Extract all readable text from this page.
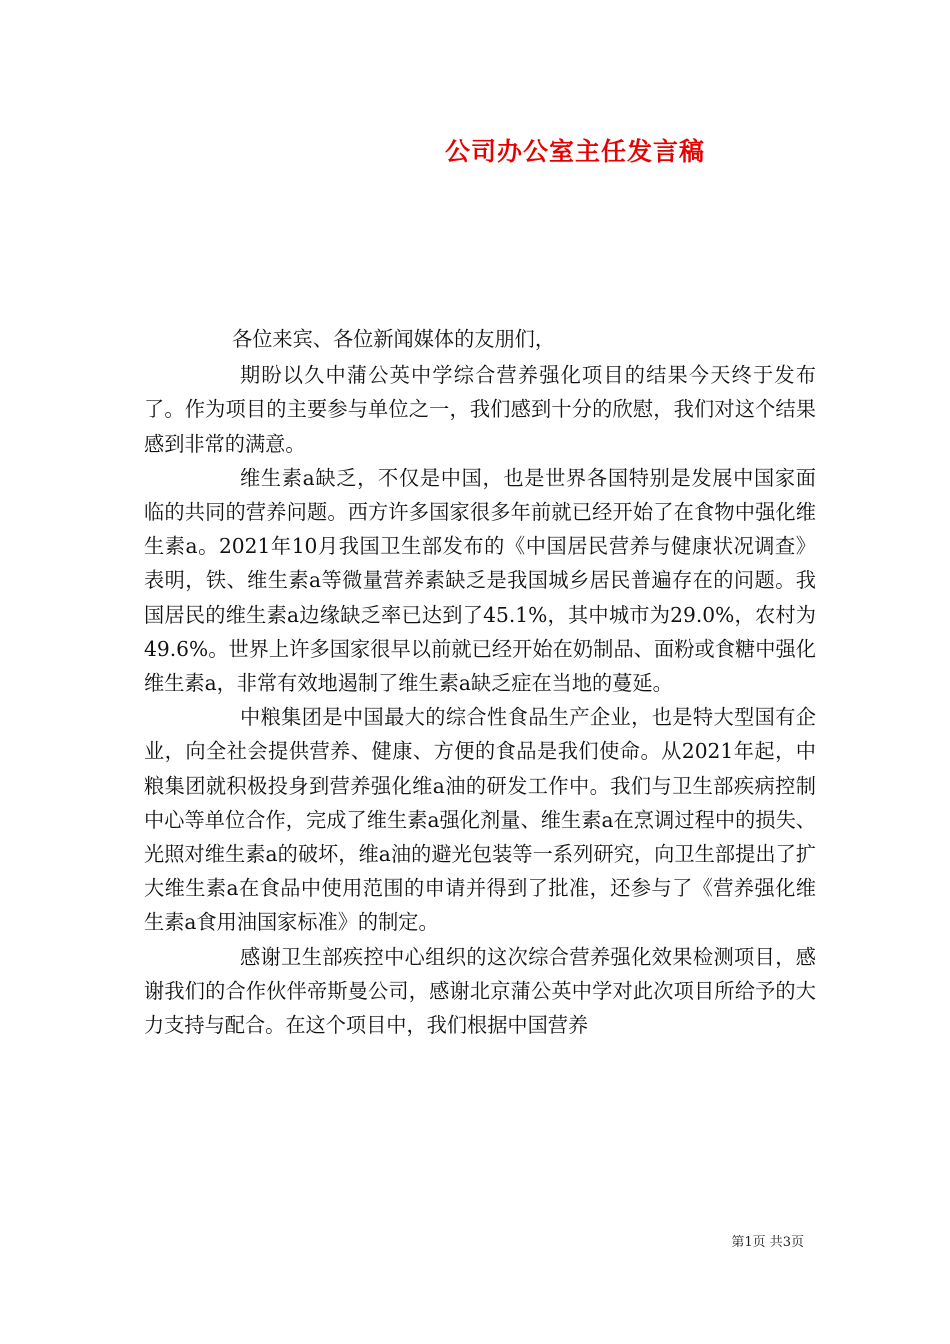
公司办公室主任发言稿

各位来宾、各位新闻媒体的友朋们，

期盼以久中蒲公英中学综合营养强化项目的结果今天终于发布了。作为项目的主要参与单位之一，我们感到十分的欣慰，我们对这个结果感到非常的满意。

维生素a缺乏，不仅是中国，也是世界各国特别是发展中国家面临的共同的营养问题。西方许多国家很多年前就已经开始了在食物中强化维生素a。2021年10月我国卫生部发布的《中国居民营养与健康状况调查》表明，铁、维生素a等微量营养素缺乏是我国城乡居民普遍存在的问题。我国居民的维生素a边缘缺乏率已达到了45.1%，其中城市为29.0%，农村为49.6%。世界上许多国家很早以前就已经开始在奶制品、面粉或食糖中强化维生素a，非常有效地遏制了维生素a缺乏症在当地的蔓延。

中粮集团是中国最大的综合性食品生产企业，也是特大型国有企业，向全社会提供营养、健康、方便的食品是我们使命。从2021年起，中粮集团就积极投身到营养强化维a油的研发工作中。我们与卫生部疾病控制中心等单位合作，完成了维生素a强化剂量、维生素a在烹调过程中的损失、光照对维生素a的破坏，维a油的避光包装等一系列研究，向卫生部提出了扩大维生素a在食品中使用范围的申请并得到了批准，还参与了《营养强化维生素a食用油国家标准》的制定。

感谢卫生部疾控中心组织的这次综合营养强化效果检测项目，感谢我们的合作伙伴帝斯曼公司，感谢北京蒲公英中学对此次项目所给予的大力支持与配合。在这个项目中，我们根据中国营养

第1页 共3页
